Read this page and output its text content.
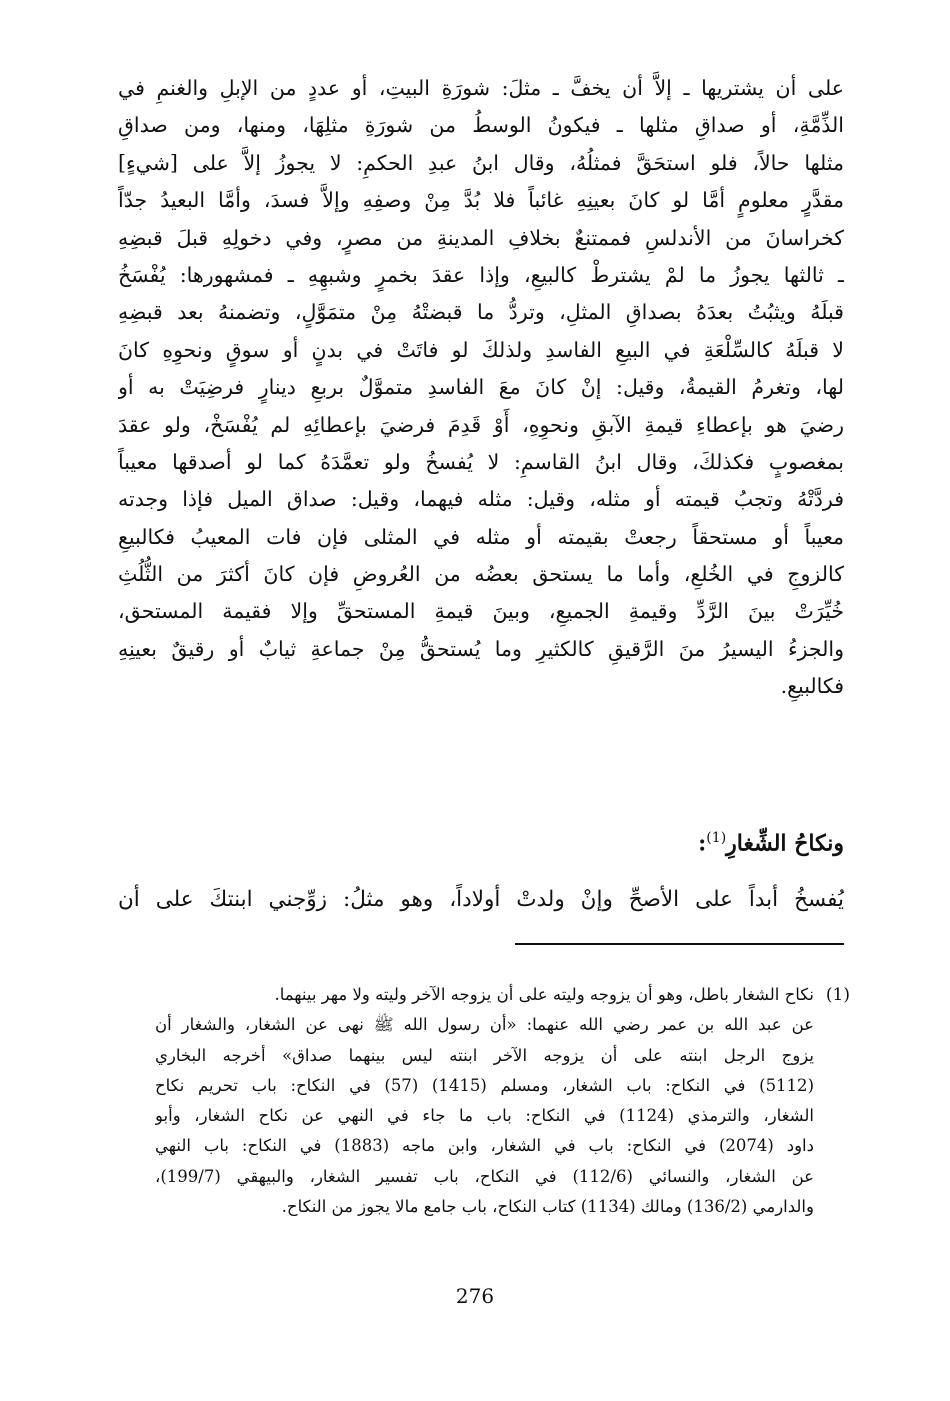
على أن يشتريها ـ إلاَّ أن يخفَّ ـ مثلَ: شورَةِ البيتِ، أو عددٍ من الإبلِ والغنمِ في
الذِّمَّةِ، أو صداقِ مثلها ـ فيكونُ الوسطُ من شورَةِ مثلِهَا، ومنها، ومن صداقِ
مثلها حالاً، فلو استحَقَّ فمثلُهُ، وقال ابنُ عبدِ الحكمِ: لا يجوزُ إلاَّ على [شيءٍ]
مقدَّرٍ معلومٍ أمَّا لو كانَ بعينِهِ غائباً فلا بُدَّ مِنْ وصفِهِ وإلاَّ فسدَ، وأمَّا البعيدُ جدّاً
كخراسانَ من الأندلسِ فممتنعٌ بخلافِ المدينةِ من مصرٍ، وفي دخولِهِ قبلَ قبضِهِ
ـ ثالثها يجوزُ ما لمْ يشترطْ كالبيعِ، وإذا عقدَ بخمرٍ وشبهِهِ ـ فمشهورها: يُفْسَخُ
قبلَهُ ويثبُتُ بعدَهُ بصداقِ المثلِ، وتردُّ ما قبضتْهُ مِنْ متمَوَّلٍ، وتضمنهُ بعد قبضِهِ
لا قبلَهُ كالسِّلْعَةِ في البيعِ الفاسدِ ولذلكَ لو فاتَتْ في بدنٍ أو سوقٍ ونحوِهِ كانَ
لها، وتغرمُ القيمةُ، وقيل: إنْ كانَ معَ الفاسدِ متموَّلٌ بربعِ دينارٍ فرضِيَتْ به أو
رضيَ هو بإعطاءِ قيمةِ الآبقِ ونحوِهِ، أَوْ قَدِمَ فرضيَ بإعطائِهِ لم يُفْسَخْ، ولو عقدَ
بمغصوبٍ فكذلكَ، وقال ابنُ القاسمِ: لا يُفسخُ ولو تعمَّدَهُ كما لو أصدقها معيباً
فردَّتْهُ وتجبُ قيمته أو مثله، وقيل: مثله فيهما، وقيل: صداق الميل فإذا وجدته
معيباً أو مستحقاً رجعتْ بقيمته أو مثله في المثلى فإن فات المعيبُ فكالبيعِ
كالزوجِ في الخُلعِ، وأما ما يستحق بعضُه من العُروضِ فإن كانَ أكثرَ من الثُّلُثِ
خُيِّرَتْ بينَ الرَّدِّ وقيمةِ الجميعِ، وبينَ قيمةِ المستحقِّ وإلا فقيمة المستحق،
والجزءُ اليسيرُ منَ الرَّقيقِ كالكثيرِ وما يُستحقُّ مِنْ جماعةِ ثيابٌ أو رقيقٌ بعينِهِ
فكالبيعِ.
ونكاحُ الشِّغارِ$^{(1)}$:
يُفسخُ أبداً على الأصحِّ وإنْ ولدتْ أولاداً، وهو مثلُ: زوِّجني ابنتكَ على أن
(1)
نكاح الشغار باطل، وهو أن يزوجه وليته على أن يزوجه الآخر وليته ولا مهر بينهما.
عن عبد الله بن عمر رضي الله عنهما: «أن رسول الله ﷺ نهى عن الشغار، والشغار أن
يزوج الرجل ابنته على أن يزوجه الآخر ابنته ليس بينهما صداق» أخرجه البخاري
(5112) في النكاح: باب الشغار، ومسلم (1415) (57) في النكاح: باب تحريم نكاح
الشغار، والترمذي (1124) في النكاح: باب ما جاء في النهي عن نكاح الشغار، وأبو
داود (2074) في النكاح: باب في الشغار، وابن ماجه (1883) في النكاح: باب النهي
عن الشغار، والنسائي (112/6) في النكاح، باب تفسير الشغار، والبيهقي (199/7)،
والدارمي (136/2) ومالك (1134) كتاب النكاح، باب جامع مالا يجوز من النكاح.
276
